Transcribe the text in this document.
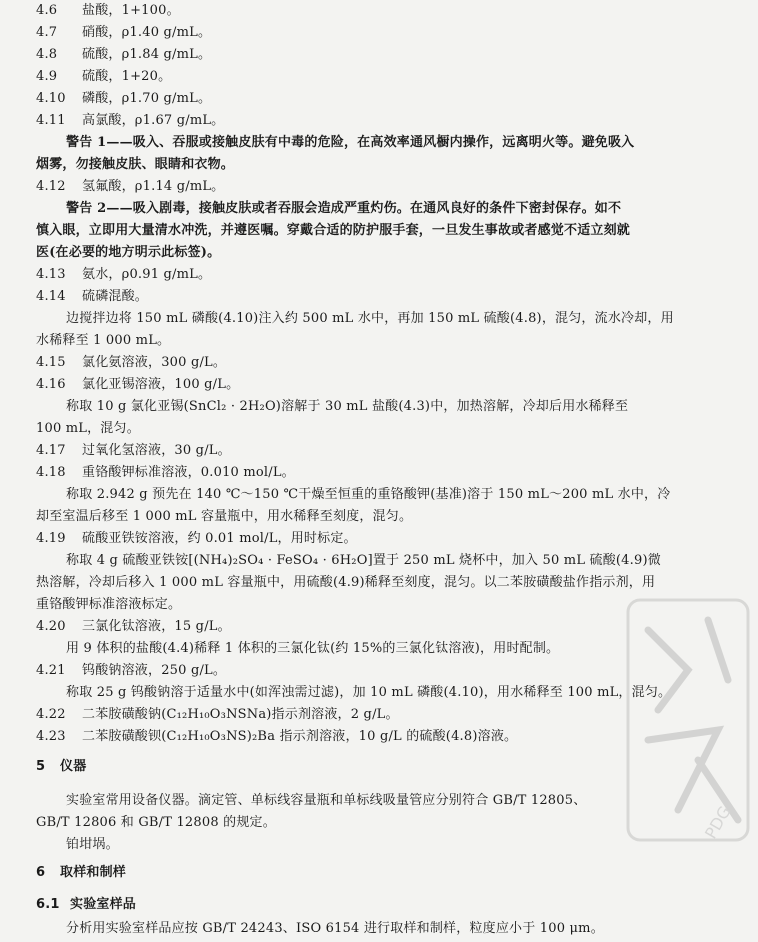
4.6 盐酸，1+100。
4.7 硝酸，ρ1.40 g/mL。
4.8 硫酸，ρ1.84 g/mL。
4.9 硫酸，1+20。
4.10 磷酸，ρ1.70 g/mL。
4.11 高氯酸，ρ1.67 g/mL。
警告 1——吸入、吞服或接触皮肤有中毒的危险，在高效率通风橱内操作，远离明火等。避免吸入
烟雾，勿接触皮肤、眼睛和衣物。
4.12 氢氟酸，ρ1.14 g/mL。
警告 2——吸入剧毒，接触皮肤或者吞服会造成严重灼伤。在通风良好的条件下密封保存。如不
慎入眼，立即用大量清水冲洗，并遵医嘱。穿戴合适的防护服手套，一旦发生事故或者感觉不适立刻就
医(在必要的地方明示此标签)。
4.13 氨水，ρ0.91 g/mL。
4.14 硫磷混酸。
边搅拌边将 150 mL 磷酸(4.10)注入约 500 mL 水中，再加 150 mL 硫酸(4.8)，混匀，流水冷却，用
水稀释至 1 000 mL。
4.15 氯化氨溶液，300 g/L。
4.16 氯化亚锡溶液，100 g/L。
称取 10 g 氯化亚锡(SnCl₂ · 2H₂O)溶解于 30 mL 盐酸(4.3)中，加热溶解，冷却后用水稀释至
100 mL，混匀。
4.17 过氧化氢溶液，30 g/L。
4.18 重铬酸钾标准溶液，0.010 mol/L。
称取 2.942 g 预先在 140 ℃～150 ℃干燥至恒重的重铬酸钾(基准)溶于 150 mL～200 mL 水中，冷
却至室温后移至 1 000 mL 容量瓶中，用水稀释至刻度，混匀。
4.19 硫酸亚铁铵溶液，约 0.01 mol/L，用时标定。
称取 4 g 硫酸亚铁铵[(NH₄)₂SO₄ · FeSO₄ · 6H₂O]置于 250 mL 烧杯中，加入 50 mL 硫酸(4.9)微
热溶解，冷却后移入 1 000 mL 容量瓶中，用硫酸(4.9)稀释至刻度，混匀。以二苯胺磺酸盐作指示剂，用
重铬酸钾标准溶液标定。
4.20 三氯化钛溶液，15 g/L。
用 9 体积的盐酸(4.4)稀释 1 体积的三氯化钛(约 15%的三氯化钛溶液)，用时配制。
4.21 钨酸钠溶液，250 g/L。
称取 25 g 钨酸钠溶于适量水中(如浑浊需过滤)，加 10 mL 磷酸(4.10)，用水稀释至 100 mL，混匀。
4.22 二苯胺磺酸钠(C₁₂H₁₀O₃NSNa)指示剂溶液，2 g/L。
4.23 二苯胺磺酸钡(C₁₂H₁₀O₃NS)₂Ba 指示剂溶液，10 g/L 的硫酸(4.8)溶液。
5 仪器
实验室常用设备仪器。滴定管、单标线容量瓶和单标线吸量管应分别符合 GB/T 12805、
GB/T 12806 和 GB/T 12808 的规定。
铂坩埚。
6 取样和制样
6.1 实验室样品
分析用实验室样品应按 GB/T 24243、ISO 6154 进行取样和制样，粒度应小于 100 μm。
PDG
